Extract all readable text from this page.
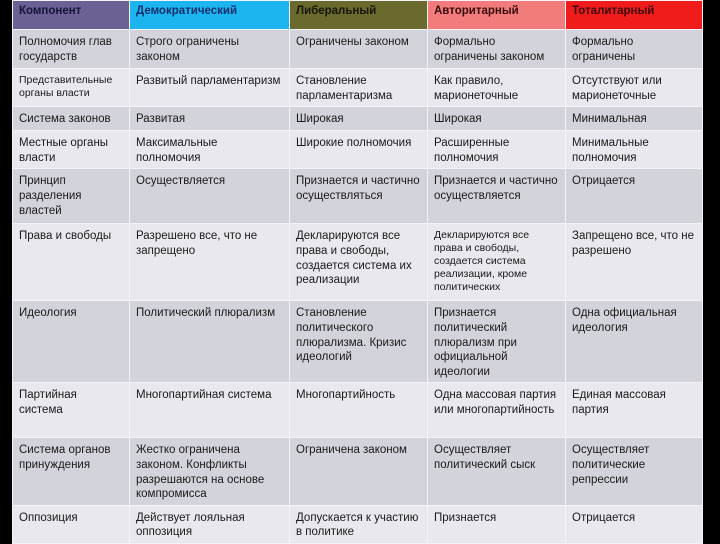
Компонент	Демократический	Либеральный	Авторитарный	Тоталитарный
Полномочия глав государств	Строго ограничены законом	Ограничены законом	Формально ограничены законом	Формально ограничены
Представительные органы власти	Развитый парламентаризм	Становление парламентаризма	Как правило, марионеточные	Отсутствуют или марионеточные
Система законов	Развитая	Широкая	Широкая	Минимальная
Местные органы власти	Максимальные полномочия	Широкие полномочия	Расширенные полномочия	Минимальные полномочия
Принцип разделения властей	Осуществляется	Признается и частично осуществляться	Признается и частично осуществляется	Отрицается
Права и свободы	Разрешено все, что не запрещено	Декларируются все права и свободы, создается система их реализации	Декларируются все права и свободы, создается система реализации, кроме политических	Запрещено все, что не разрешено
Идеология	Политический плюрализм	Становление политического плюрализма. Кризис идеологий	Признается политический плюрализм при официальной идеологии	Одна официальная идеология
Партийная система	Многопартийная система	Многопартийность	Одна массовая партия или многопартийность	Единая массовая партия
Система органов принуждения	Жестко ограничена законом. Конфликты разрешаются на основе компромисса	Ограничена законом	Осуществляет политический сыск	Осуществляет политические репрессии
Оппозиция	Действует лояльная оппозиция	Допускается к участию в политике	Признается	Отрицается
